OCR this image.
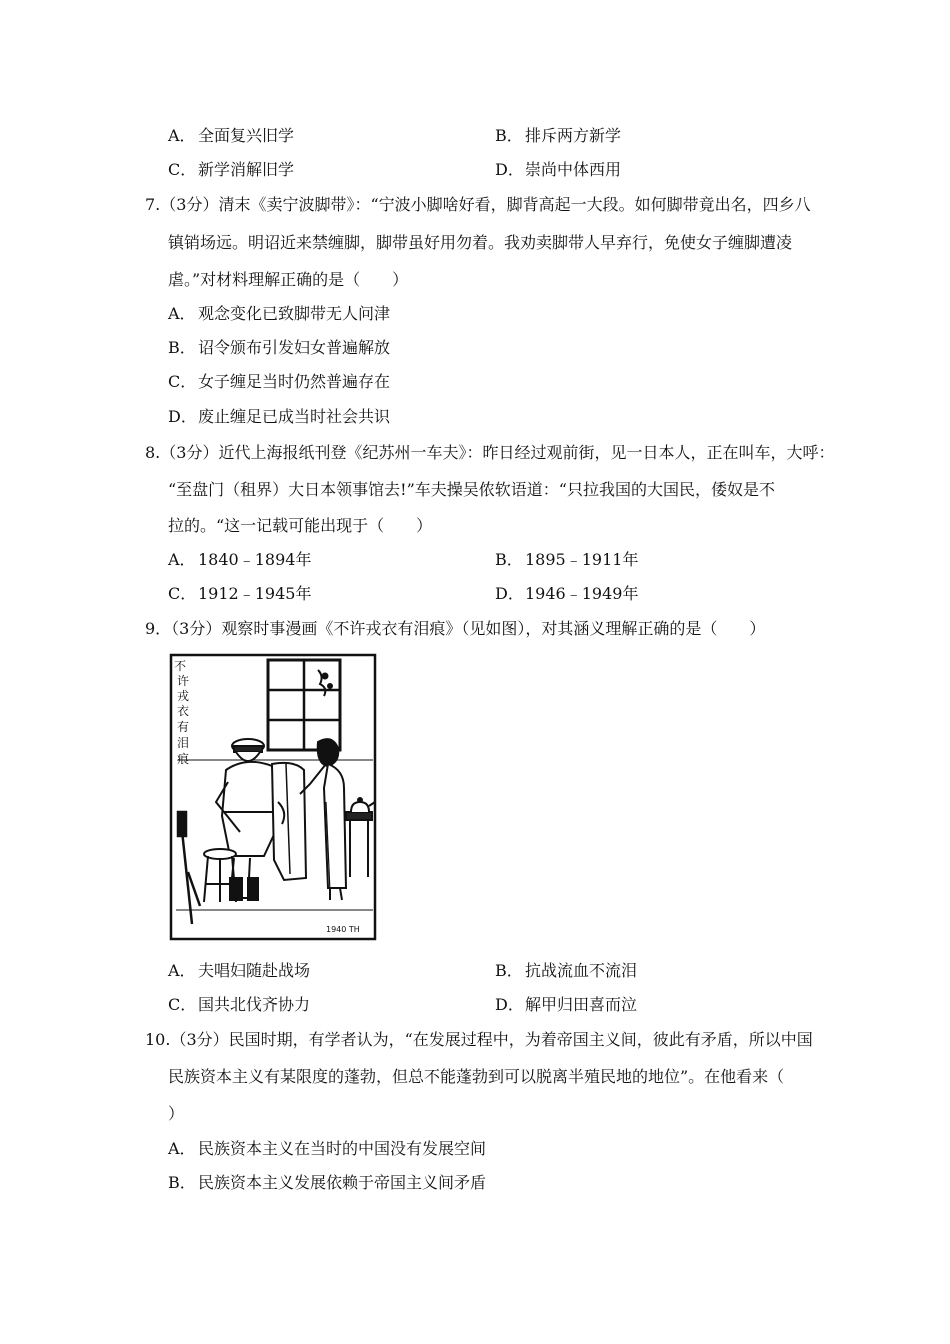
A． 全面复兴旧学	B． 排斥两方新学
C． 新学消解旧学	D．崇尚中体西用
7.（3分）清末《卖宁波脚带》：“宁波小脚啥好看，脚背高起一大段。如何脚带竟出名，四乡八
镇销场远。明诏近来禁缠脚，脚带虽好用勿着。我劝卖脚带人早弃行，免使女子缠脚遭凌
虐。”对材料理解正确的是（　　）
A． 观念变化已致脚带无人问津
B． 诏令颁布引发妇女普遍解放
C． 女子缠足当时仍然普遍存在
D．废止缠足已成当时社会共识
8.（3分）近代上海报纸刊登《纪苏州一车夫》：昨日经过观前街，见一日本人，正在叫车，大呼：
“至盘门（租界）大日本领事馆去!”车夫操吴侬软语道：“只拉我国的大国民，倭奴是不
拉的。“这一记载可能出现于（　　）
A． 1840﹣1894年	B． 1895﹣1911年
C． 1912﹣1945年	D．1946﹣1949年
9．（3分）观察时事漫画《不许戎衣有泪痕》（见如图），对其涵义理解正确的是（　　）
不
许
戎
衣
有
泪
痕
1940 TH
A． 夫唱妇随赴战场	B． 抗战流血不流泪
C． 国共北伐齐协力	D．解甲归田喜而泣
10.（3分）民国时期，有学者认为，“在发展过程中，为着帝国主义间，彼此有矛盾，所以中国
民族资本主义有某限度的蓬勃，但总不能蓬勃到可以脱离半殖民地的地位”。在他看来（
）
A． 民族资本主义在当时的中国没有发展空间
B． 民族资本主义发展依赖于帝国主义间矛盾
